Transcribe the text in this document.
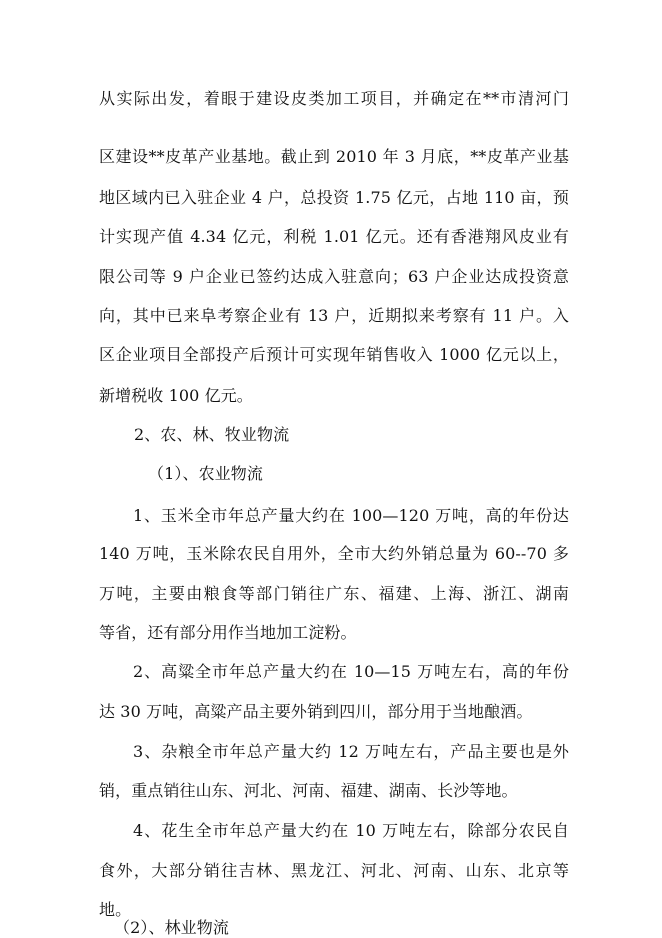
从实际出发，着眼于建设皮类加工项目，并确定在**市清河门
区建设**皮革产业基地。截止到 2010 年 3 月底，**皮革产业基
地区域内已入驻企业 4 户，总投资 1.75 亿元，占地 110 亩，预
计实现产值 4.34 亿元，利税 1.01 亿元。还有香港翔风皮业有
限公司等 9 户企业已签约达成入驻意向；63 户企业达成投资意
向，其中已来阜考察企业有 13 户，近期拟来考察有 11 户。入
区企业项目全部投产后预计可实现年销售收入 1000 亿元以上，
新增税收 100 亿元。
2、农、林、牧业物流
（1）、农业物流
1、玉米全市年总产量大约在 100—120 万吨，高的年份达
140 万吨，玉米除农民自用外，全市大约外销总量为 60--70 多
万吨，主要由粮食等部门销往广东、福建、上海、浙江、湖南
等省，还有部分用作当地加工淀粉。
2、高粱全市年总产量大约在 10—15 万吨左右，高的年份
达 30 万吨，高粱产品主要外销到四川，部分用于当地酿酒。
3、杂粮全市年总产量大约 12 万吨左右，产品主要也是外
销，重点销往山东、河北、河南、福建、湖南、长沙等地。
4、花生全市年总产量大约在 10 万吨左右，除部分农民自
食外，大部分销往吉林、黑龙江、河北、河南、山东、北京等
地。
（2）、林业物流
